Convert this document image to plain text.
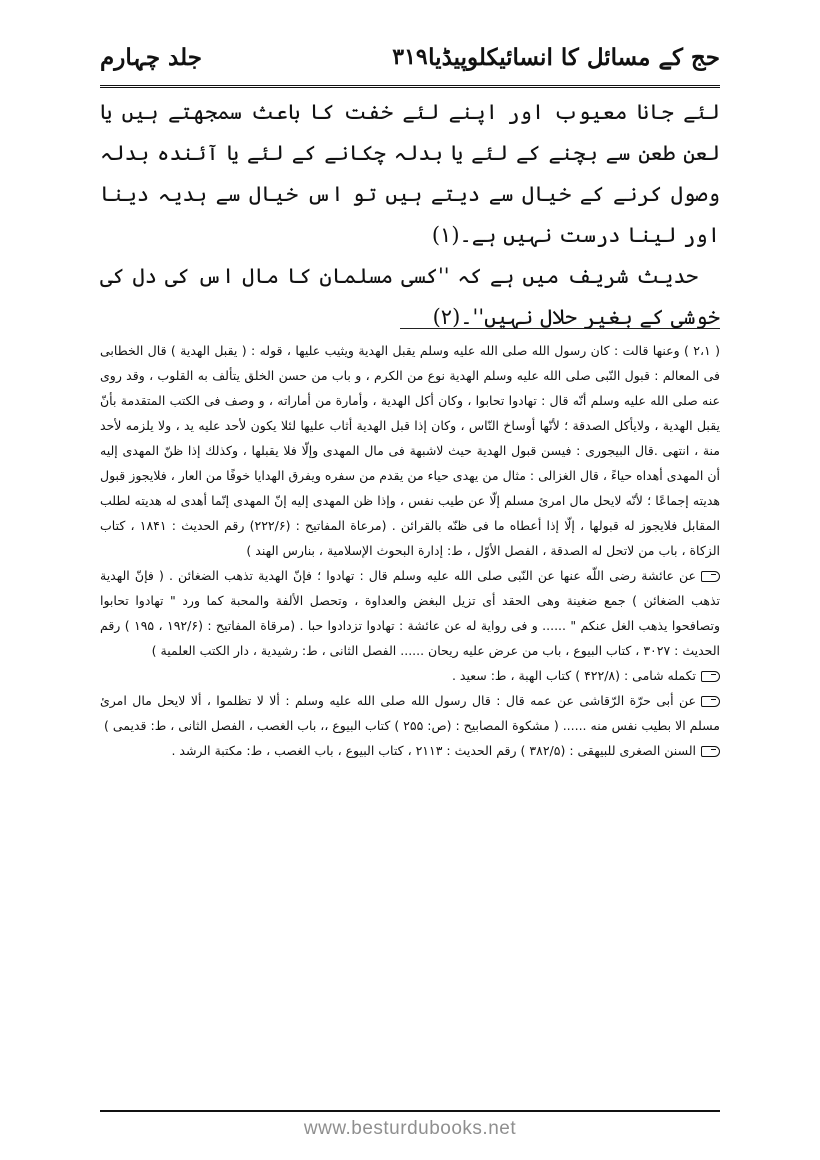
حج کے مسائل کا انسائیکلوپیڈیا
۳۱۹
جلد چہارم

لئے جانا معیوب اور اپنے لئے خفت کا باعث سمجھتے ہیں یا لعن طعن سے بچنے کے لئے یا بدلہ چکانے کے لئے یا آئندہ بدلہ وصول کرنے کے خیال سے دیتے ہیں تو اس خیال سے ہدیہ دینا اور لینا درست نہیں ہے۔(۱)

حدیث شریف میں ہے کہ ''کسی مسلمان کا مال اس کی دل کی خوشی کے بغیر حلال نہیں''۔(۲)

( ۲،۱ ) وعنها قالت : كان رسول الله صلى الله عليه وسلم يقبل الهدية ويثيب عليها ، قوله : ( يقبل الهدية ) قال الخطابى فى المعالم : قبول النّبى صلى الله عليه وسلم الهدية نوع من الكرم ، و باب من حسن الخلق يتألف به القلوب ، وقد روى عنه صلى الله عليه وسلم أنّه قال : تهادوا تحابوا ، وكان أكل الهدية ، وأمارة من أماراته ، و وصف فى الكتب المتقدمة بأنّ يقبل الهدية ، ولايأكل الصدقة ؛ لأنّها أوساخ النّاس ، وكان إذا قبل الهدية أثاب عليها لئلا يكون لأحد عليه يد ، ولا يلزمه لأحد منة ، انتهى .قال البيجورى : فيسن قبول الهدية حيث لاشبهة فى مال المهدى وإلّا فلا يقبلها ، وكذلك إذا ظنّ المهدى إليه أن المهدى أهداه حياءً ، قال الغزالى : مثال من يهدى حياء من يقدم من سفره ويفرق الهدايا خوفًا من العار ، فلايجوز قبول هديته إجماعًا ؛ لأنّه لايحل مال امرئ مسلم إلّا عن طيب نفس ، وإذا ظن المهدى إليه إنّ المهدى إنّما أهدى له هديته لطلب المقابل فلايجوز له قبولها ، إلّا إذا أعطاه ما فى ظنّه بالقرائن . (مرعاة المفاتيح : (۲۲۲/۶) رقم الحديث : ۱۸۴۱ ، كتاب الزكاة ، باب من لاتحل له الصدقة ، الفصل الأوّل ، ط: إدارة البحوث الإسلامية ، بنارس الهند )

عن عائشة رضى اللّه عنها عن النّبى صلى الله عليه وسلم قال : تهادوا ؛ فإنّ الهدية تذهب الضغائن . ( فإنّ الهدية تذهب الضغائن ) جمع ضغينة وهى الحقد أى تزيل البغض والعداوة ، وتحصل الألفة والمحبة كما ورد " تهادوا تحابوا وتصافحوا يذهب الغل عنكم " ...... و فى رواية له عن عائشة : تهادوا تزدادوا حبا . (مرقاة المفاتيح : (۱۹۲/۶ ، ۱۹۵ ) رقم الحديث : ۳۰۲۷ ، كتاب البيوع ، باب من عرض عليه ريحان ...... الفصل الثانى ، ط: رشيدية ، دار الكتب العلمية )

تكمله شامى : (۴۲۲/۸ ) كتاب الهبة ، ط: سعيد .

عن أبى حرّة الرّقاشى عن عمه قال : قال رسول الله صلى الله عليه وسلم : ألا لا تظلموا ، ألا لايحل مال امرئ مسلم الا بطيب نفس منه ...... ( مشكوة المصابيح : (ص: ۲۵۵ ) كتاب البيوع ،، باب الغصب ، الفصل الثانى ، ط: قديمى )

السنن الصغرى للبيهقى : (۳۸۲/۵ ) رقم الحديث : ۲۱۱۳ ، كتاب البيوع ، باب الغصب ، ط: مكتبة الرشد .

www.besturdubooks.net
